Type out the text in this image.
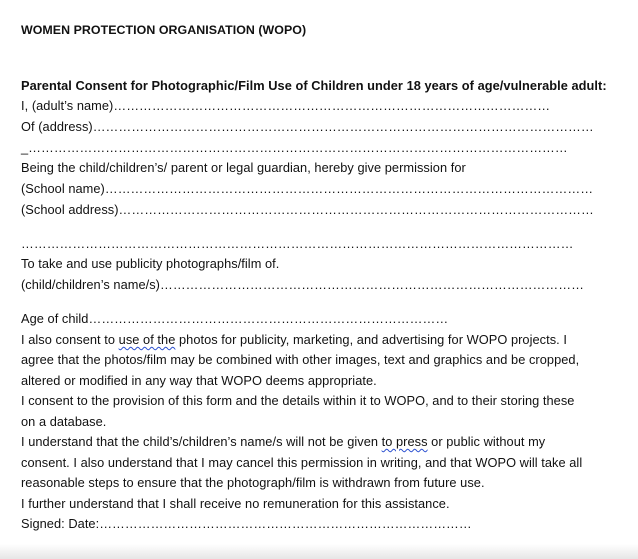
WOMEN PROTECTION ORGANISATION (WOPO)
Parental Consent for Photographic/Film Use of Children under 18 years of age/vulnerable adult:
I, (adult’s name)…………………………………………………………………………………………
Of (address)………………………………………………………………………………………………………
_………………………………………………………………………………………………………………
Being the child/children’s/ parent or legal guardian, hereby give permission for
(School name)……………………………………………………………………………………………………
(School address)…………………………………………………………………………………………………
…………………………………………………………………………………………………………………
To take and use publicity photographs/film of.
(child/children’s name/s)………………………………………………………………………………………
Age of child…………………………………………………………………………
I also consent to use of the photos for publicity, marketing, and advertising for WOPO projects. I
agree that the photos/film may be combined with other images, text and graphics and be cropped,
altered or modified in any way that WOPO deems appropriate.
I consent to the provision of this form and the details within it to WOPO, and to their storing these
on a database.
I understand that the child’s/children’s name/s will not be given to press or public without my
consent. I also understand that I may cancel this permission in writing, and that WOPO will take all
reasonable steps to ensure that the photograph/film is withdrawn from future use.
I further understand that I shall receive no remuneration for this assistance.
Signed: Date:……………………………………………………………………………
